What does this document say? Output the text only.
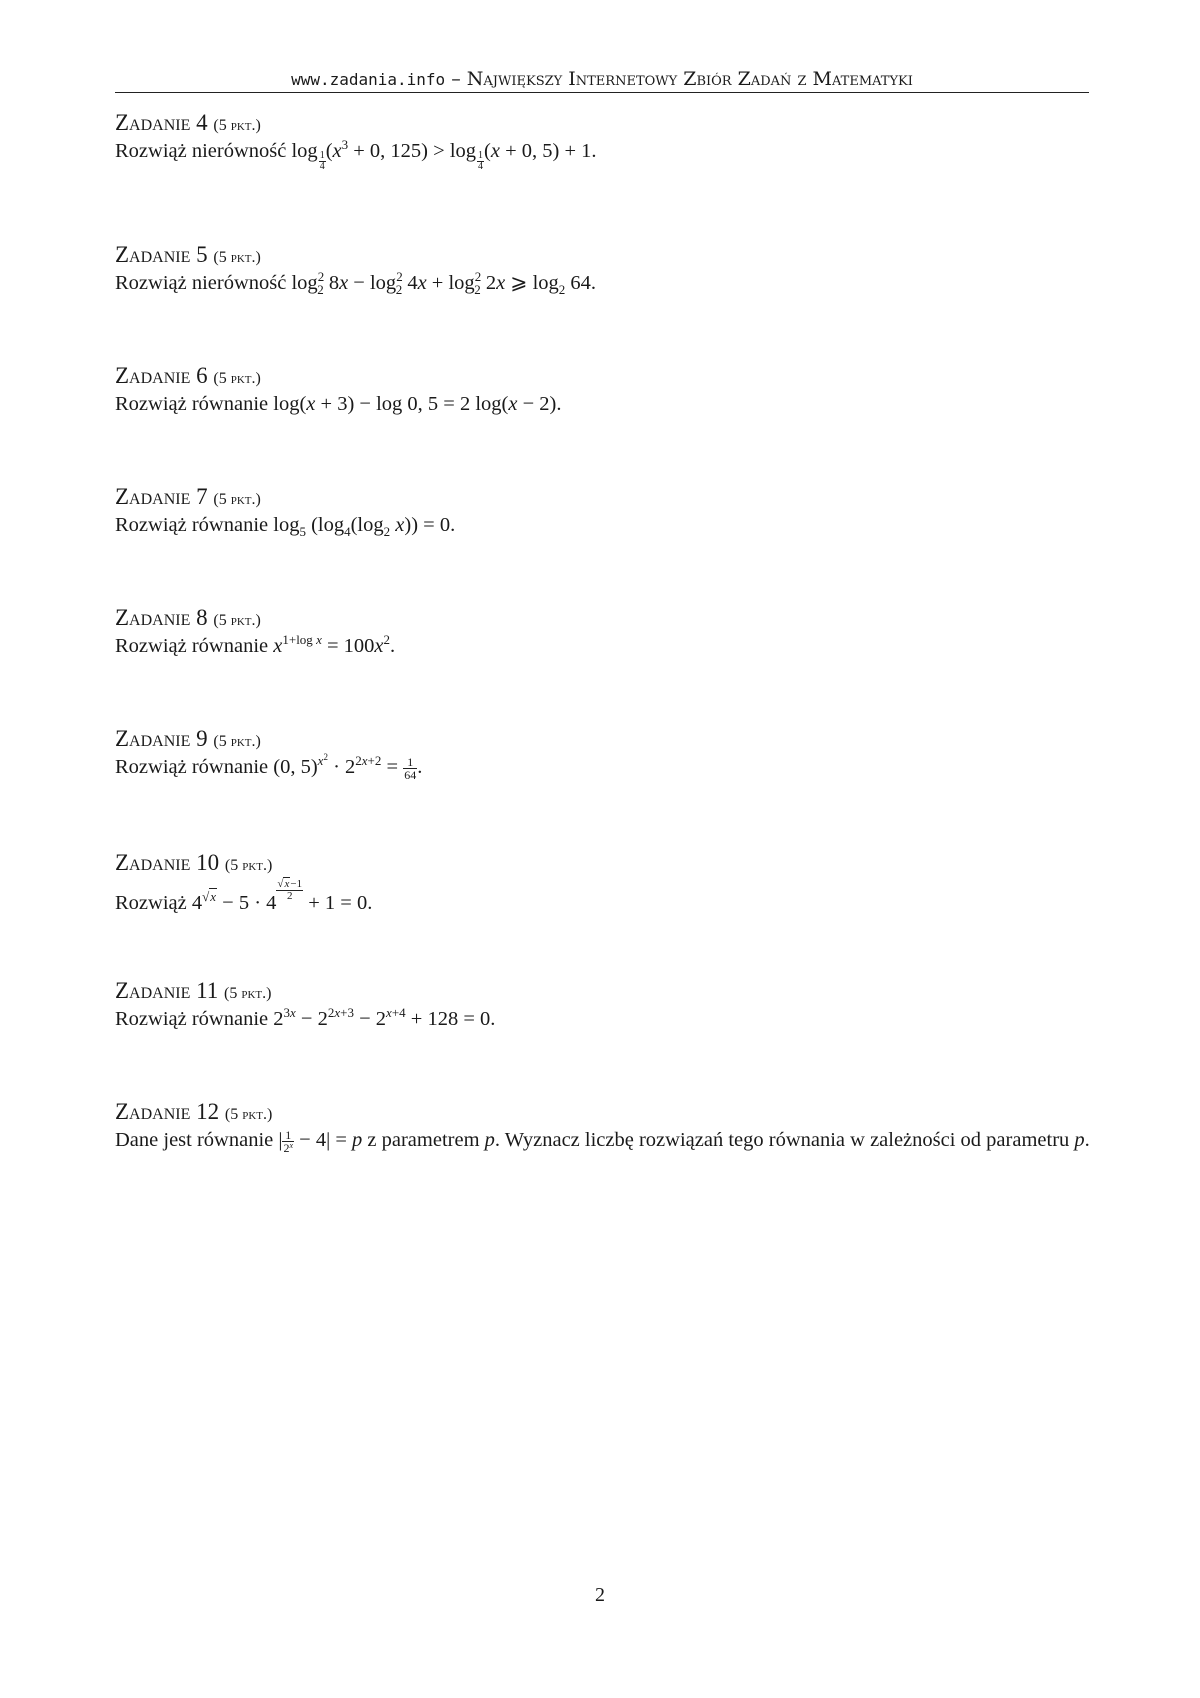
www.zadania.info – Największy Internetowy Zbiór Zadań z Matematyki
Zadanie 4 (5 pkt.)
Rozwiąż nierówność $\log \frac{1}{4} (x^3 + 0$, $125) > \log \frac{1}{4} (x + 0$, 5) + 1.
Zadanie 5 (5 pkt.)
Rozwiąż nierówność $\log^2_2 8x - \log^2_2 4x + \log^2_2 2x$ ⩾ $\log_2 64$.
Zadanie 6 (5 pkt.)
Rozwiąż równanie log(x + 3) − log 0, 5 = 2 log(x − 2).
Zadanie 7 (5 pkt.)
Rozwiąż równanie $\log_5 (\log_4(\log_2$ x)) = 0.
Zadanie 8 (5 pkt.)
Rozwiąż równanie $x^{1+log x} = 100x^2$.
Zadanie 9 (5 pkt.)
Rozwiąż równanie (0, $5)^{x^2} \cdot 2^{2x+2} = \frac{1}{64}$ .
Zadanie 10 (5 pkt.)
Rozwiąż $4^{√x} - 5 \cdot 4$
$\frac{√x-1}{2}$
+ 1 = 0.
Zadanie 11 (5 pkt.)
Rozwiąż równanie $2^{3x} - 2^{2x+3} - 2^{x+4} + 128 = 0$.
Zadanie 12 (5 pkt.)
Dane jest równanie | $\frac{1}{2^x} - 4| = p$ z parametrem p. Wyznacz liczbę rozwiązań tego równania w zależności od parametru p.
2
